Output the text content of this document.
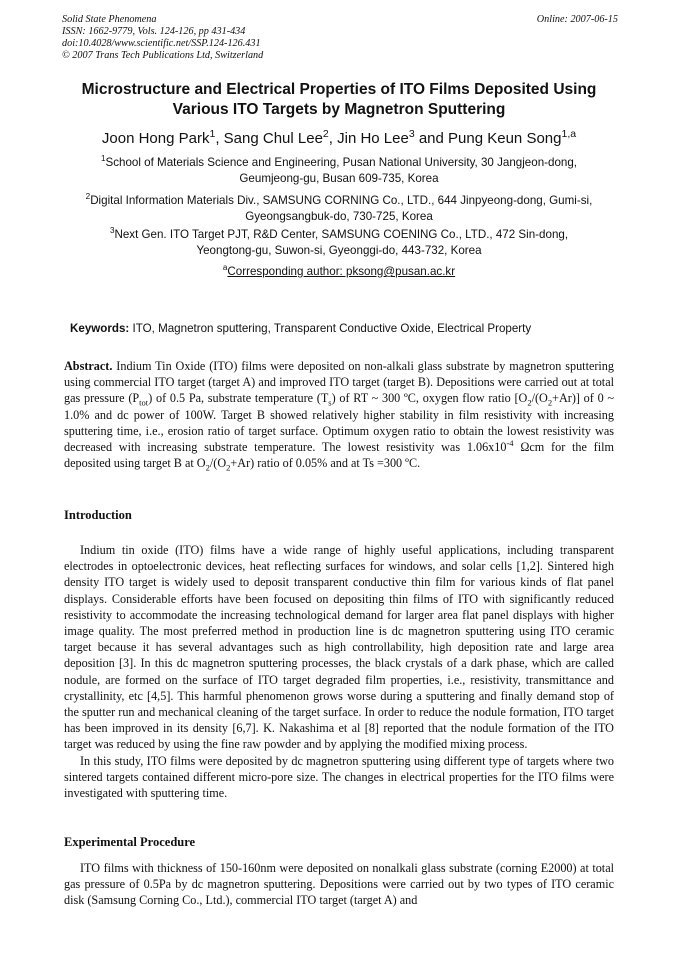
Solid State Phenomena
ISSN: 1662-9779, Vols. 124-126, pp 431-434
doi:10.4028/www.scientific.net/SSP.124-126.431
© 2007 Trans Tech Publications Ltd, Switzerland
Online: 2007-06-15
Microstructure and Electrical Properties of ITO Films Deposited Using
Various ITO Targets by Magnetron Sputtering
Joon Hong Park$^1$, Sang Chul Lee$^2$, Jin Ho Lee$^3$ and Pung Keun Song$^{1,a}$
$^1$School of Materials Science and Engineering, Pusan National University, 30 Jangjeon-dong,
Geumjeong-gu, Busan 609-735, Korea
$^2$Digital Information Materials Div., SAMSUNG CORNING Co., LTD., 644 Jinpyeong-dong, Gumi-si,
Gyeongsangbuk-do, 730-725, Korea
$^3$Next Gen. ITO Target PJT, R&D Center, SAMSUNG COENING Co., LTD., 472 Sin-dong,
Yeongtong-gu, Suwon-si, Gyeonggi-do, 443-732, Korea
$^a$Corresponding author: pksong@pusan.ac.kr
Keywords: ITO, Magnetron sputtering, Transparent Conductive Oxide, Electrical Property

Abstract. Indium Tin Oxide (ITO) films were deposited on non-alkali glass substrate by magnetron sputtering using commercial ITO target (target A) and improved ITO target (target B). Depositions were carried out at total gas pressure $(P_{tot})$ of 0.5 Pa, substrate temperature $(T_s)$ of RT ~ 300 ºC, oxygen flow ratio $[O_2/(O_2+Ar)]$ of 0 ~ 1.0% and dc power of 100W. Target B showed relatively higher stability in film resistivity with increasing sputtering time, i.e., erosion ratio of target surface. Optimum oxygen ratio to obtain the lowest resistivity was decreased with increasing substrate temperature. The lowest resistivity was $1.06x10^{-4}$ Ωcm for the film deposited using target B at $O_2/(O_2+Ar)$ ratio of 0.05% and at Ts =300 ºC.

Introduction

Indium tin oxide (ITO) films have a wide range of highly useful applications, including transparent electrodes in optoelectronic devices, heat reflecting surfaces for windows, and solar cells [1,2]. Sintered high density ITO target is widely used to deposit transparent conductive thin film for various kinds of flat panel displays. Considerable efforts have been focused on depositing thin films of ITO with significantly reduced resistivity to accommodate the increasing technological demand for larger area flat panel displays with higher image quality. The most preferred method in production line is dc magnetron sputtering using ITO ceramic target because it has several advantages such as high controllability, high deposition rate and large area deposition [3]. In this dc magnetron sputtering processes, the black crystals of a dark phase, which are called nodule, are formed on the surface of ITO target degraded film properties, i.e., resistivity, transmittance and crystallinity, etc [4,5]. This harmful phenomenon grows worse during a sputtering and finally demand stop of the sputter run and mechanical cleaning of the target surface. In order to reduce the nodule formation, ITO target has been improved in its density [6,7]. K. Nakashima et al [8] reported that the nodule formation of the ITO target was reduced by using the fine raw powder and by applying the modified mixing process.

In this study, ITO films were deposited by dc magnetron sputtering using different type of targets where two sintered targets contained different micro-pore size. The changes in electrical properties for the ITO films were investigated with sputtering time.

Experimental Procedure

ITO films with thickness of 150-160nm were deposited on nonalkali glass substrate (corning E2000) at total gas pressure of 0.5Pa by dc magnetron sputtering. Depositions were carried out by two types of ITO ceramic disk (Samsung Corning Co., Ltd.), commercial ITO target (target A) and
